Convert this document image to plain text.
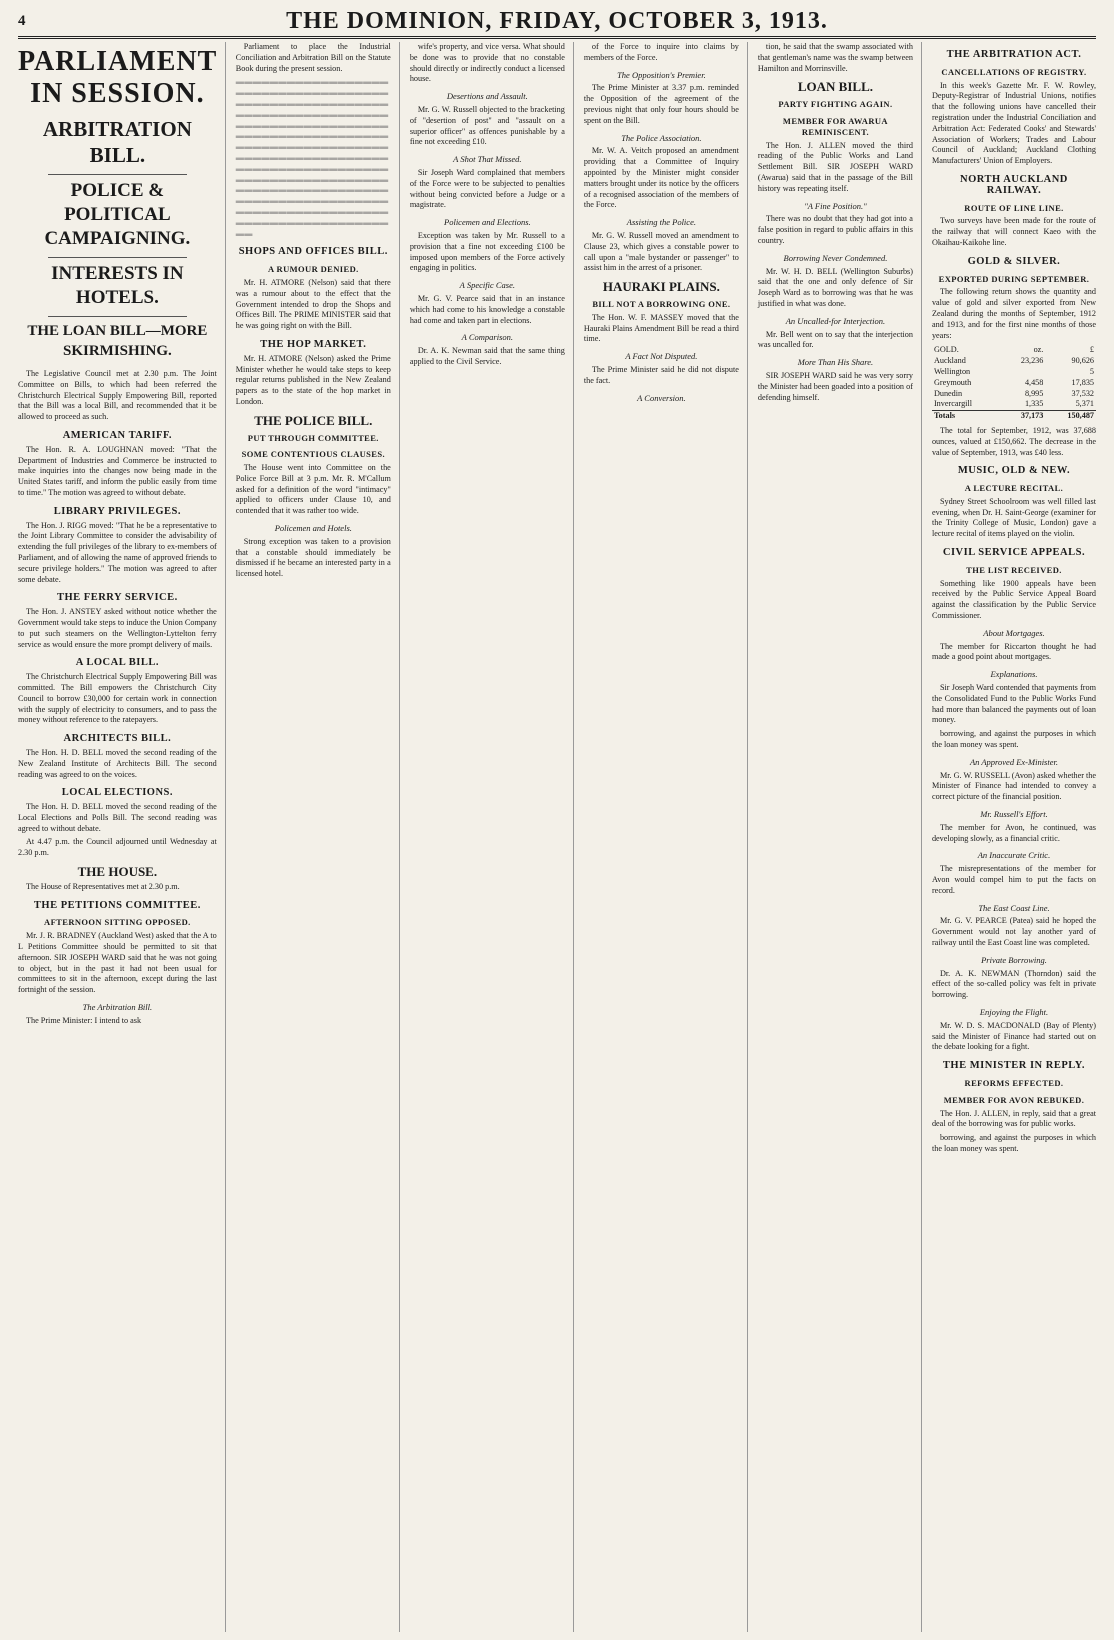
4	THE DOMINION, FRIDAY, OCTOBER 3, 1913.
PARLIAMENT IN SESSION.
ARBITRATION BILL.
POLICE & POLITICAL CAMPAIGNING.
INTERESTS IN HOTELS.
THE LOAN BILL—MORE SKIRMISHING.

The Legislative Council met at 2.30 p.m. The Joint Committee on Bills, to which had been referred the Christchurch Electrical Supply Empowering Bill, reported that the Bill was a local Bill, and recommended that it be allowed to proceed as such.

AMERICAN TARIFF.

The Hon. R. A. LOUGHNAN moved: "That the Department of Industries and Commerce be instructed to make inquiries into the changes now being made in the United States tariff, and inform the public easily from time to time." The motion was agreed to without debate.

LIBRARY PRIVILEGES.

The Hon. J. RIGG moved: "That he be a representative to the Joint Library Committee to consider the advisability of extending the full privileges of the library to ex-members of Parliament, and of allowing the name of approved friends to secure privilege holders." The motion was agreed to after some debate.

THE FERRY SERVICE.

The Hon. J. ANSTEY asked without notice whether the Government would take steps to induce the Union Company to put such steamers on the Wellington-Lyttelton ferry service as would ensure the more prompt delivery of mails.

A LOCAL BILL.

The Christchurch Electrical Supply Empowering Bill was committed. The Bill empowers the Christchurch City Council to borrow £30,000 for certain work in connection with the supply of electricity to consumers, and to pass the money without reference to the ratepayers.

ARCHITECTS BILL.

The Hon. H. D. BELL moved the second reading of the New Zealand Institute of Architects Bill. The second reading was agreed to on the voices.

LOCAL ELECTIONS.

The Hon. H. D. BELL moved the second reading of the Local Elections and Polls Bill. The second reading was agreed to without debate.

At 4.47 p.m. the Council adjourned until Wednesday at 2.30 p.m.

THE HOUSE.

The House of Representatives met at 2.30 p.m.

THE PETITIONS COMMITTEE.
AFTERNOON SITTING OPPOSED.

Mr. J. R. BRADNEY (Auckland West) asked that the A to L Petitions Committee should be permitted to sit that afternoon. SIR JOSEPH WARD said that he was not going to object, but in the past it had not been usual for committees to sit in the afternoon, except during the last fortnight of the session.

The Arbitration Bill.

The Prime Minister: I intend to ask

Parliament to place the Industrial Conciliation and Arbitration Bill on the Statute Book during the present session.

▬▬▬▬▬▬▬▬▬▬▬▬▬▬▬▬▬▬▬▬▬▬▬▬▬▬▬▬▬▬▬▬▬▬▬▬▬▬▬▬▬▬▬▬▬▬▬▬▬▬▬▬▬▬▬▬▬▬▬▬▬▬▬▬▬▬▬▬▬▬▬▬▬▬▬▬▬▬▬▬▬▬▬▬▬▬▬▬▬▬▬▬▬▬▬▬▬▬▬▬▬▬▬▬▬▬▬▬▬▬▬▬▬▬▬▬▬▬▬▬▬▬▬▬▬▬▬▬▬▬▬▬▬▬▬▬▬▬▬▬▬▬▬▬▬▬▬▬▬▬▬▬▬▬▬▬▬▬▬▬▬▬▬▬▬▬▬▬▬▬▬▬▬▬▬▬▬▬▬▬▬▬▬▬▬▬▬▬▬▬▬▬▬▬▬▬▬▬▬▬▬▬▬▬▬▬▬▬▬▬▬▬▬▬▬▬▬▬▬▬▬▬▬▬▬▬▬▬▬▬▬▬▬▬▬▬▬▬▬▬▬▬▬▬▬▬▬▬▬▬▬▬▬▬
SHOPS AND OFFICES BILL.
A RUMOUR DENIED.

Mr. H. ATMORE (Nelson) said that there was a rumour about to the effect that the Government intended to drop the Shops and Offices Bill. The PRIME MINISTER said that he was going right on with the Bill.

THE HOP MARKET.

Mr. H. ATMORE (Nelson) asked the Prime Minister whether he would take steps to keep regular returns published in the New Zealand papers as to the state of the hop market in London.

THE POLICE BILL.
PUT THROUGH COMMITTEE.
SOME CONTENTIOUS CLAUSES.

The House went into Committee on the Police Force Bill at 3 p.m. Mr. R. M'Callum asked for a definition of the word "intimacy" applied to officers under Clause 10, and contended that it was rather too wide.

Policemen and Hotels.

Strong exception was taken to a provision that a constable should immediately be dismissed if he became an interested party in a licensed hotel.

wife's property, and vice versa. What should be done was to provide that no constable should directly or indirectly conduct a licensed house.

Desertions and Assault.

Mr. G. W. Russell objected to the bracketing of "desertion of post" and "assault on a superior officer" as offences punishable by a fine not exceeding £10.

A Shot That Missed.

Sir Joseph Ward complained that members of the Force were to be subjected to penalties without being convicted before a Judge or a magistrate.

Policemen and Elections.

Exception was taken by Mr. Russell to a provision that a fine not exceeding £100 be imposed upon members of the Force actively engaging in politics.

A Specific Case.

Mr. G. V. Pearce said that in an instance which had come to his knowledge a constable had come and taken part in elections.

A Comparison.

Dr. A. K. Newman said that the same thing applied to the Civil Service.

of the Force to inquire into claims by members of the Force.

The Opposition's Premier.

The Prime Minister at 3.37 p.m. reminded the Opposition of the agreement of the previous night that only four hours should be spent on the Bill.

The Police Association.

Mr. W. A. Veitch proposed an amendment providing that a Committee of Inquiry appointed by the Minister might consider matters brought under its notice by the officers of a recognised association of the members of the Force.

Assisting the Police.

Mr. G. W. Russell moved an amendment to Clause 23, which gives a constable power to call upon a "male bystander or passenger" to assist him in the arrest of a prisoner.

HAURAKI PLAINS.
BILL NOT A BORROWING ONE.

The Hon. W. F. MASSEY moved that the Hauraki Plains Amendment Bill be read a third time.

A Fact Not Disputed.

The Prime Minister said he did not dispute the fact.

A Conversion.

tion, he said that the swamp associated with that gentleman's name was the swamp between Hamilton and Morrinsville.

LOAN BILL.
PARTY FIGHTING AGAIN.
MEMBER FOR AWARUA REMINISCENT.

The Hon. J. ALLEN moved the third reading of the Public Works and Land Settlement Bill. SIR JOSEPH WARD (Awarua) said that in the passage of the Bill history was repeating itself.

"A Fine Position."

There was no doubt that they had got into a false position in regard to public affairs in this country.

Borrowing Never Condemned.

Mr. W. H. D. BELL (Wellington Suburbs) said that the one and only defence of Sir Joseph Ward as to borrowing was that he was justified in what was done.

An Uncalled-for Interjection.

Mr. Bell went on to say that the interjection was uncalled for.

More Than His Share.

SIR JOSEPH WARD said he was very sorry the Minister had been goaded into a position of defending himself.

THE ARBITRATION ACT.
CANCELLATIONS OF REGISTRY.

In this week's Gazette Mr. F. W. Rowley, Deputy-Registrar of Industrial Unions, notifies that the following unions have cancelled their registration under the Industrial Conciliation and Arbitration Act: Federated Cooks' and Stewards' Association of Workers; Trades and Labour Council of Auckland; Auckland Clothing Manufacturers' Union of Employers.

NORTH AUCKLAND RAILWAY.
ROUTE OF LINE LINE.

Two surveys have been made for the route of the railway that will connect Kaeo with the Okaihau-Kaikohe line.

GOLD & SILVER.
EXPORTED DURING SEPTEMBER.

The following return shows the quantity and value of gold and silver exported from New Zealand during the months of September, 1912 and 1913, and for the first nine months of those years:

GOLD.	oz.	£
Auckland	23,236	90,626
Wellington		5
Greymouth	4,458	17,835
Dunedin	8,995	37,532
Invercargill	1,335	5,371
Totals	37,173	150,487

The total for September, 1912, was 37,688 ounces, valued at £150,662. The decrease in the value of September, 1913, was £40 less.

MUSIC, OLD & NEW.
A LECTURE RECITAL.

Sydney Street Schoolroom was well filled last evening, when Dr. H. Saint-George (examiner for the Trinity College of Music, London) gave a lecture recital of items played on the violin.

CIVIL SERVICE APPEALS.
THE LIST RECEIVED.

Something like 1900 appeals have been received by the Public Service Appeal Board against the classification by the Public Service Commissioner.

About Mortgages.

The member for Riccarton thought he had made a good point about mortgages.

Explanations.

Sir Joseph Ward contended that payments from the Consolidated Fund to the Public Works Fund had more than balanced the payments out of loan money.

borrowing, and against the purposes in which the loan money was spent.

An Approved Ex-Minister.

Mr. G. W. RUSSELL (Avon) asked whether the Minister of Finance had intended to convey a correct picture of the financial position.

Mr. Russell's Effort.

The member for Avon, he continued, was developing slowly, as a financial critic.

An Inaccurate Critic.

The misrepresentations of the member for Avon would compel him to put the facts on record.

The East Coast Line.

Mr. G. V. PEARCE (Patea) said he hoped the Government would not lay another yard of railway until the East Coast line was completed.

Private Borrowing.

Dr. A. K. NEWMAN (Thorndon) said the effect of the so-called policy was felt in private borrowing.

Enjoying the Flight.

Mr. W. D. S. MACDONALD (Bay of Plenty) said the Minister of Finance had started out on the debate looking for a fight.

THE MINISTER IN REPLY.
REFORMS EFFECTED.
MEMBER FOR AVON REBUKED.

The Hon. J. ALLEN, in reply, said that a great deal of the borrowing was for public works.

borrowing, and against the purposes in which the loan money was spent.
